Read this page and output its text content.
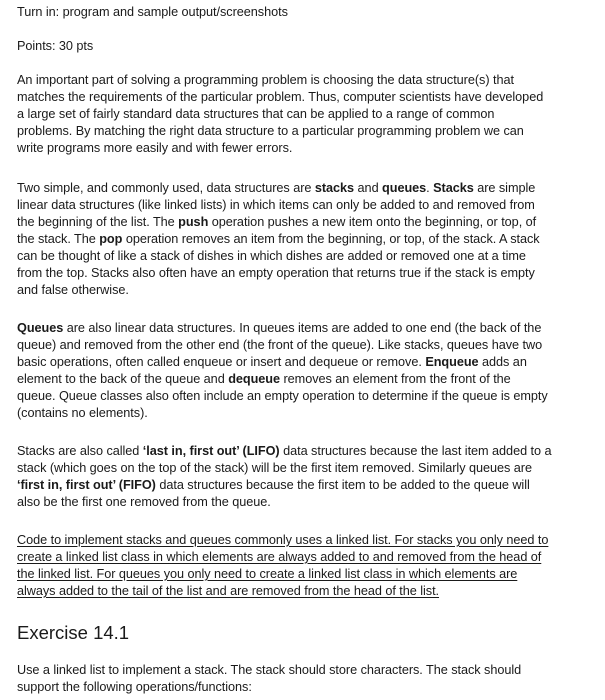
Turn in: program and sample output/screenshots
Points: 30 pts
An important part of solving a programming problem is choosing the data structure(s) that
matches the requirements of the particular problem. Thus, computer scientists have developed
a large set of fairly standard data structures that can be applied to a range of common
problems. By matching the right data structure to a particular programming problem we can
write programs more easily and with fewer errors.
Two simple, and commonly used, data structures are stacks and queues. Stacks are simple
linear data structures (like linked lists) in which items can only be added to and removed from
the beginning of the list. The push operation pushes a new item onto the beginning, or top, of
the stack. The pop operation removes an item from the beginning, or top, of the stack. A stack
can be thought of like a stack of dishes in which dishes are added or removed one at a time
from the top. Stacks also often have an empty operation that returns true if the stack is empty
and false otherwise.
Queues are also linear data structures. In queues items are added to one end (the back of the
queue) and removed from the other end (the front of the queue). Like stacks, queues have two
basic operations, often called enqueue or insert and dequeue or remove. Enqueue adds an
element to the back of the queue and dequeue removes an element from the front of the
queue. Queue classes also often include an empty operation to determine if the queue is empty
(contains no elements).
Stacks are also called ‘last in, first out’ (LIFO) data structures because the last item added to a
stack (which goes on the top of the stack) will be the first item removed. Similarly queues are
‘first in, first out’ (FIFO) data structures because the first item to be added to the queue will
also be the first one removed from the queue.
Code to implement stacks and queues commonly uses a linked list. For stacks you only need to
create a linked list class in which elements are always added to and removed from the head of
the linked list. For queues you only need to create a linked list class in which elements are
always added to the tail of the list and are removed from the head of the list.
Exercise 14.1
Use a linked list to implement a stack. The stack should store characters. The stack should
support the following operations/functions:
